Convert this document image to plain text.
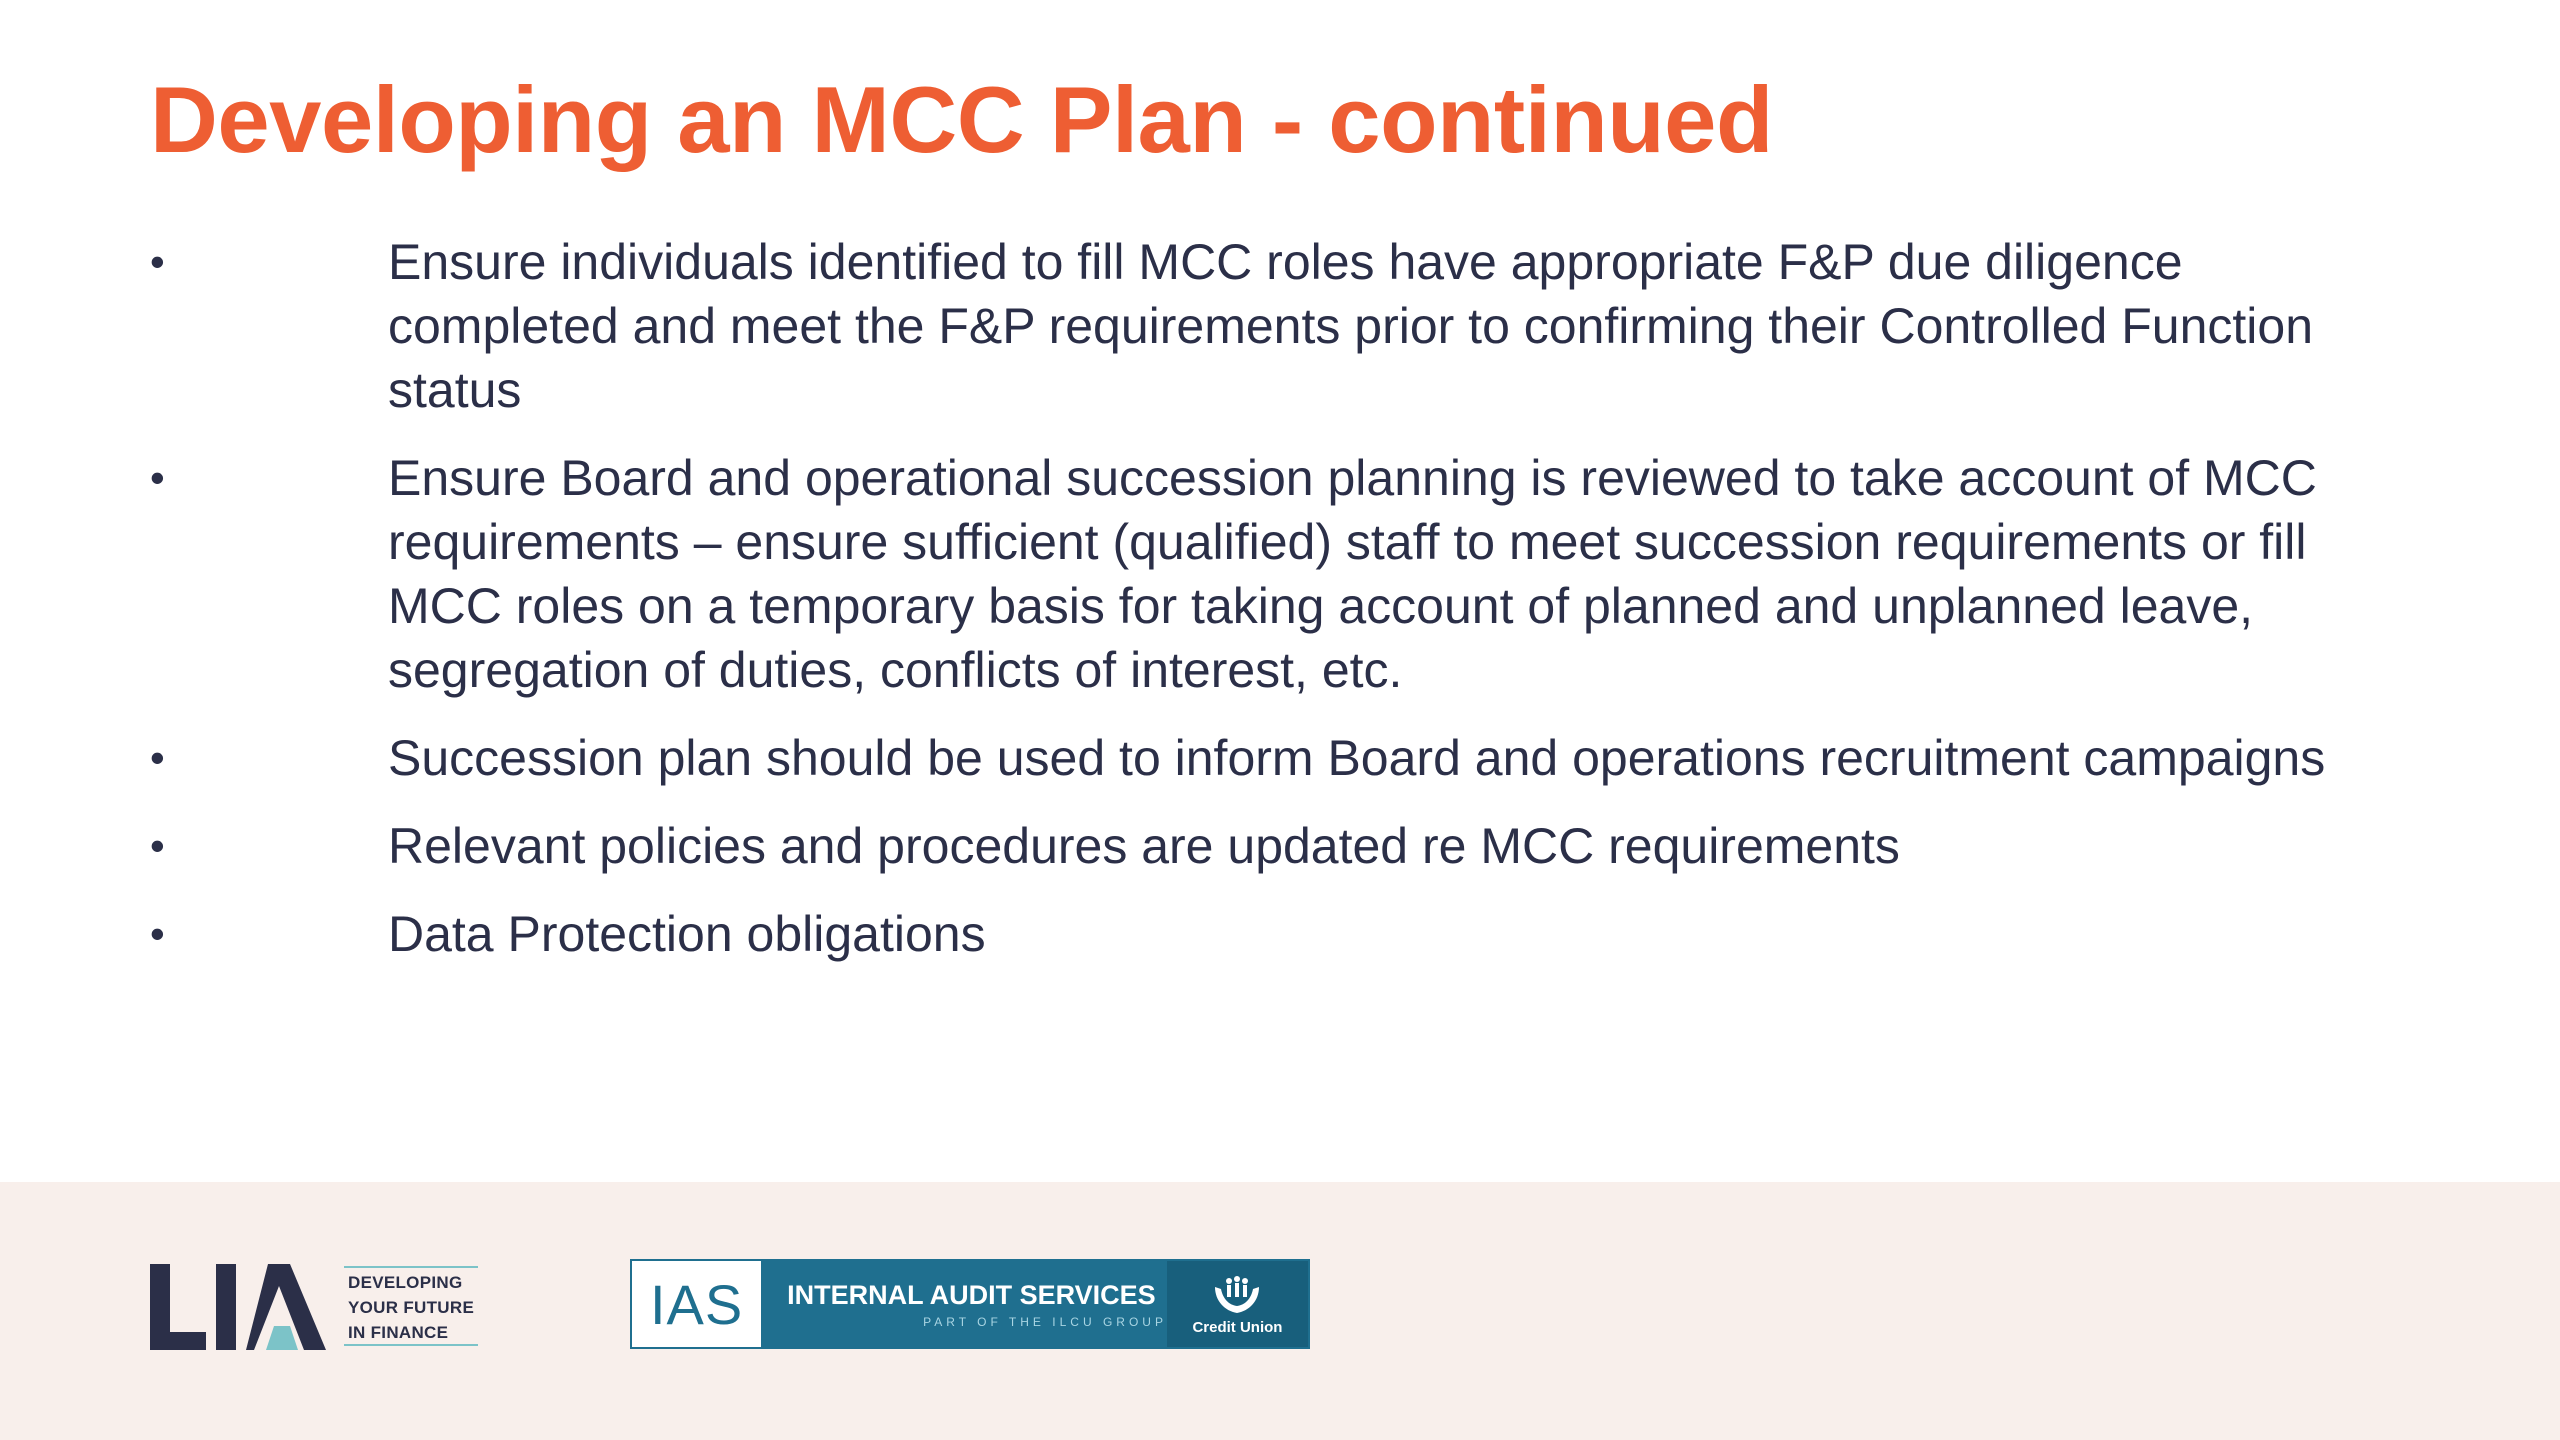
Developing an MCC Plan - continued
•	Ensure individuals identified to fill MCC roles have appropriate F&P due diligence completed and meet the F&P requirements prior to confirming their Controlled Function status
•	Ensure Board and operational succession planning is reviewed to take account of MCC requirements – ensure sufficient (qualified) staff to meet succession requirements or fill MCC roles on a temporary basis for taking account of planned and unplanned leave, segregation of duties, conflicts of interest, etc.
•	Succession plan should be used to inform Board and operations recruitment campaigns
•	Relevant policies and procedures are updated re MCC requirements
•	Data Protection obligations
DEVELOPING
YOUR FUTURE
IN FINANCE	IAS	INTERNAL AUDIT SERVICES
PART OF THE ILCU GROUP Credit Union
